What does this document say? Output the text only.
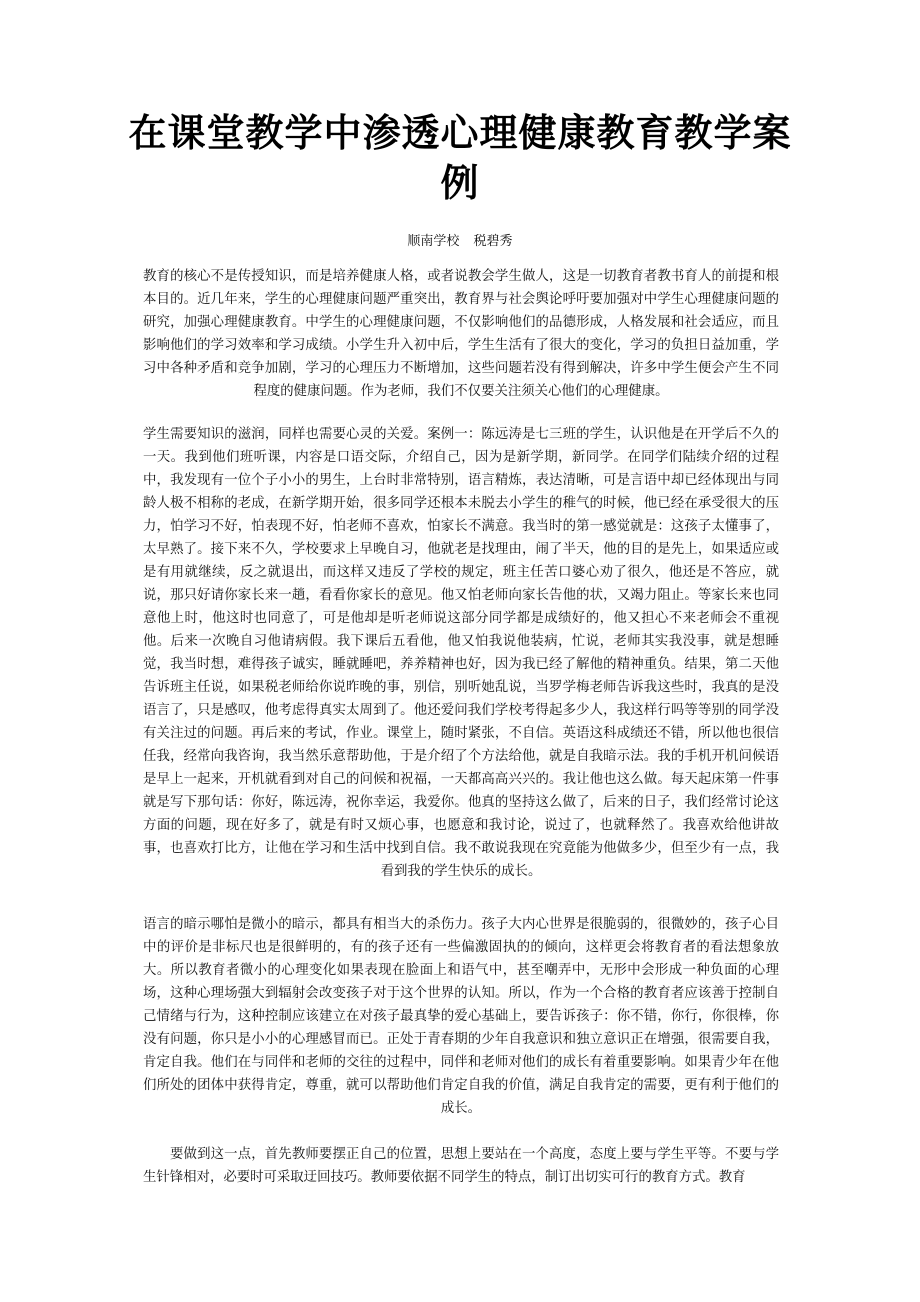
在课堂教学中渗透心理健康教育教学案例
顺南学校 税碧秀

教育的核心不是传授知识，而是培养健康人格，或者说教会学生做人，这是一切教育者教书育人的前提和根本目的。近几年来，学生的心理健康问题严重突出，教育界与社会舆论呼吁要加强对中学生心理健康问题的研究，加强心理健康教育。中学生的心理健康问题，不仅影响他们的品德形成，人格发展和社会适应，而且影响他们的学习效率和学习成绩。小学生升入初中后，学生生活有了很大的变化，学习的负担日益加重，学习中各种矛盾和竞争加剧，学习的心理压力不断增加，这些问题若没有得到解决，许多中学生便会产生不同程度的健康问题。作为老师，我们不仅要关注须关心他们的心理健康。

学生需要知识的滋润，同样也需要心灵的关爱。案例一：陈远涛是七三班的学生，认识他是在开学后不久的一天。我到他们班听课，内容是口语交际，介绍自己，因为是新学期，新同学。在同学们陆续介绍的过程中，我发现有一位个子小小的男生，上台时非常特别，语言精炼，表达清晰，可是言语中却已经体现出与同龄人极不相称的老成，在新学期开始，很多同学还根本未脱去小学生的稚气的时候，他已经在承受很大的压力，怕学习不好，怕表现不好，怕老师不喜欢，怕家长不满意。我当时的第一感觉就是：这孩子太懂事了，太早熟了。接下来不久，学校要求上早晚自习，他就老是找理由，闹了半天，他的目的是先上，如果适应或是有用就继续，反之就退出，而这样又违反了学校的规定，班主任苦口婆心劝了很久，他还是不答应，就说，那只好请你家长来一趟，看看你家长的意见。他又怕老师向家长告他的状，又竭力阻止。等家长来也同意他上时，他这时也同意了，可是他却是听老师说这部分同学都是成绩好的，他又担心不来老师会不重视他。后来一次晚自习他请病假。我下课后五看他，他又怕我说他装病，忙说，老师其实我没事，就是想睡觉，我当时想，难得孩子诚实，睡就睡吧，养养精神也好，因为我已经了解他的精神重负。结果，第二天他告诉班主任说，如果税老师给你说昨晚的事，别信，别听她乱说，当罗学梅老师告诉我这些时，我真的是没语言了，只是感叹，他考虑得真实太周到了。他还爱问我们学校考得起多少人，我这样行吗等等别的同学没有关注过的问题。再后来的考试，作业。课堂上，随时紧张，不自信。英语这科成绩还不错，所以他也很信任我，经常向我咨询，我当然乐意帮助他，于是介绍了个方法给他，就是自我暗示法。我的手机开机问候语是早上一起来，开机就看到对自己的问候和祝福，一天都高高兴兴的。我让他也这么做。每天起床第一件事就是写下那句话：你好，陈远涛，祝你幸运，我爱你。他真的坚持这么做了，后来的日子，我们经常讨论这方面的问题，现在好多了，就是有时又烦心事，也愿意和我讨论，说过了，也就释然了。我喜欢给他讲故事，也喜欢打比方，让他在学习和生活中找到自信。我不敢说我现在究竟能为他做多少，但至少有一点，我看到我的学生快乐的成长。

语言的暗示哪怕是微小的暗示，都具有相当大的杀伤力。孩子大内心世界是很脆弱的，很微妙的，孩子心目中的评价是非标尺也是很鲜明的，有的孩子还有一些偏激固执的的倾向，这样更会将教育者的看法想象放大。所以教育者微小的心理变化如果表现在脸面上和语气中，甚至嘲弄中，无形中会形成一种负面的心理场，这种心理场强大到辐射会改变孩子对于这个世界的认知。所以，作为一个合格的教育者应该善于控制自己情绪与行为，这种控制应该建立在对孩子最真挚的爱心基础上，要告诉孩子：你不错，你行，你很棒，你没有问题，你只是小小的心理感冒而已。正处于青春期的少年自我意识和独立意识正在增强，很需要自我，肯定自我。他们在与同伴和老师的交往的过程中，同伴和老师对他们的成长有着重要影响。如果青少年在他们所处的团体中获得肯定，尊重，就可以帮助他们肯定自我的价值，满足自我肯定的需要，更有利于他们的成长。

要做到这一点，首先教师要摆正自己的位置，思想上要站在一个高度，态度上要与学生平等。不要与学生针锋相对，必要时可采取迂回技巧。教师要依据不同学生的特点，制订出切实可行的教育方式。教育
